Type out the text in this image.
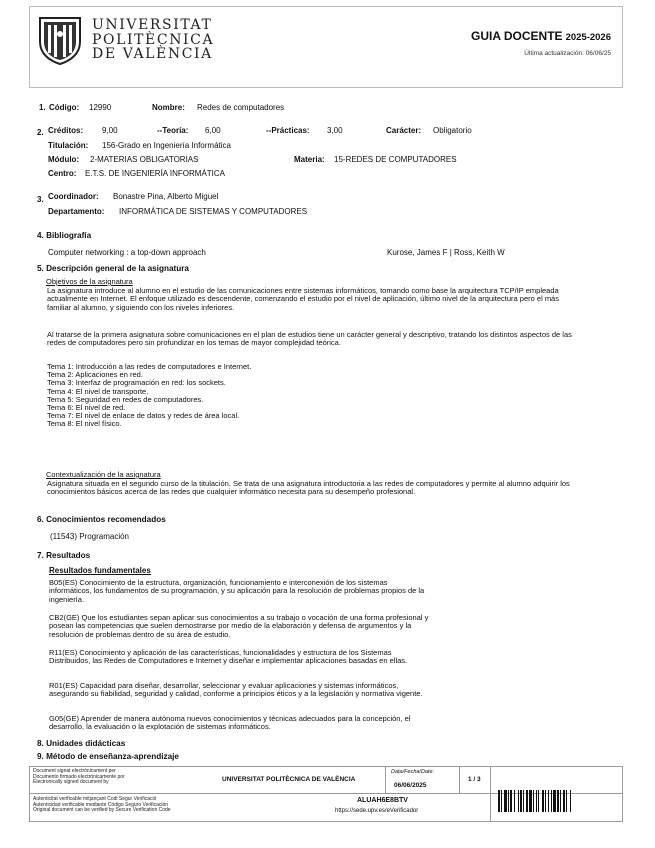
UNIVERSITAT
POLITÈCNICA
DE VALÈNCIA
GUIA DOCENTE 2025-2026
Última actualización: 06/06/25
1. Código: 12990	Nombre: Redes de computadores
2. Créditos: 9,00	--Teoría: 6,00	--Prácticas: 3,00	Carácter: Obligatorio
Titulación: 156-Grado en Ingeniería Informática
Módulo: 2-MATERIAS OBLIGATORIAS	Materia: 15-REDES DE COMPUTADORES
Centro: E.T.S. DE INGENIERÍA INFORMÁTICA
3. Coordinador: Bonastre Pina, Alberto Miguel
Departamento: INFORMÁTICA DE SISTEMAS Y COMPUTADORES
4. Bibliografía
Computer networking : a top-down approach	Kurose, James F | Ross, Keith W
5. Descripción general de la asignatura
Objetivos de la asignatura
La asignatura introduce al alumno en el estudio de las comunicaciones entre sistemas informáticos, tomando como base la arquitectura TCP/IP empleada actualmente en Internet. El enfoque utilizado es descendente, comenzando el estudio por el nivel de aplicación, último nivel de la arquitectura pero el más familiar al alumno, y siguiendo con los niveles inferiores.
Al tratarse de la primera asignatura sobre comunicaciones en el plan de estudios tiene un carácter general y descriptivo, tratando los distintos aspectos de las redes de computadores pero sin profundizar en los temas de mayor complejidad teórica.
Tema 1: Introducción a las redes de computadores e Internet.
Tema 2: Aplicaciones en red.
Tema 3: Interfaz de programación en red: los sockets.
Tema 4: El nivel de transporte.
Tema 5: Seguridad en redes de computadores.
Tema 6: El nivel de red.
Tema 7: El nivel de enlace de datos y redes de área local.
Tema 8: El nivel físico.
Contextualización de la asignatura
Asignatura situada en el segundo curso de la titulación. Se trata de una asignatura introductoria a las redes de computadores y permite al alumno adquirir los conocimientos básicos acerca de las redes que cualquier informático necesita para su desempeño profesional.
6. Conocimientos recomendados
(11543) Programación
7. Resultados
Resultados fundamentales
B05(ES) Conocimiento de la estructura, organización, funcionamiento e interconexión de los sistemas informáticos, los fundamentos de su programación, y su aplicación para la resolución de problemas propios de la ingeniería.
CB2(GE) Que los estudiantes sepan aplicar sus conocimientos a su trabajo o vocación de una forma profesional y posean las competencias que suelen demostrarse por medio de la elaboración y defensa de argumentos y la resolución de problemas dentro de su área de estudio.
R11(ES) Conocimiento y aplicación de las características, funcionalidades y estructura de los Sistemas Distribuidos, las Redes de Computadores e Internet y diseñar e implementar aplicaciones basadas en ellas.
R01(ES) Capacidad para diseñar, desarrollar, seleccionar y evaluar aplicaciones y sistemas informáticos, asegurando su fiabilidad, seguridad y calidad, conforme a principios éticos y a la legislación y normativa vigente.
G05(GE) Aprender de manera autónoma nuevos conocimientos y técnicas adecuados para la concepción, el desarrollo, la evaluación o la explotación de sistemas informáticos.
8. Unidades didácticas
9. Método de enseñanza-aprendizaje
Document signat electrònicament per
Documento firmado electrónicamente por
Electronically signed document by	UNIVERSITAT POLITÈCNICA DE VALÈNCIA
Data/Fecha/Date:
06/06/2025
1 / 3
Autenticitat verificable mitjançant Codi Segur Verificació
Autenticidad verificable mediante Código Seguro Verificación
Original document can be verified by Secure Verification Code
ALUAH6E8BTV
https://sede.upv.es/eVerificador
